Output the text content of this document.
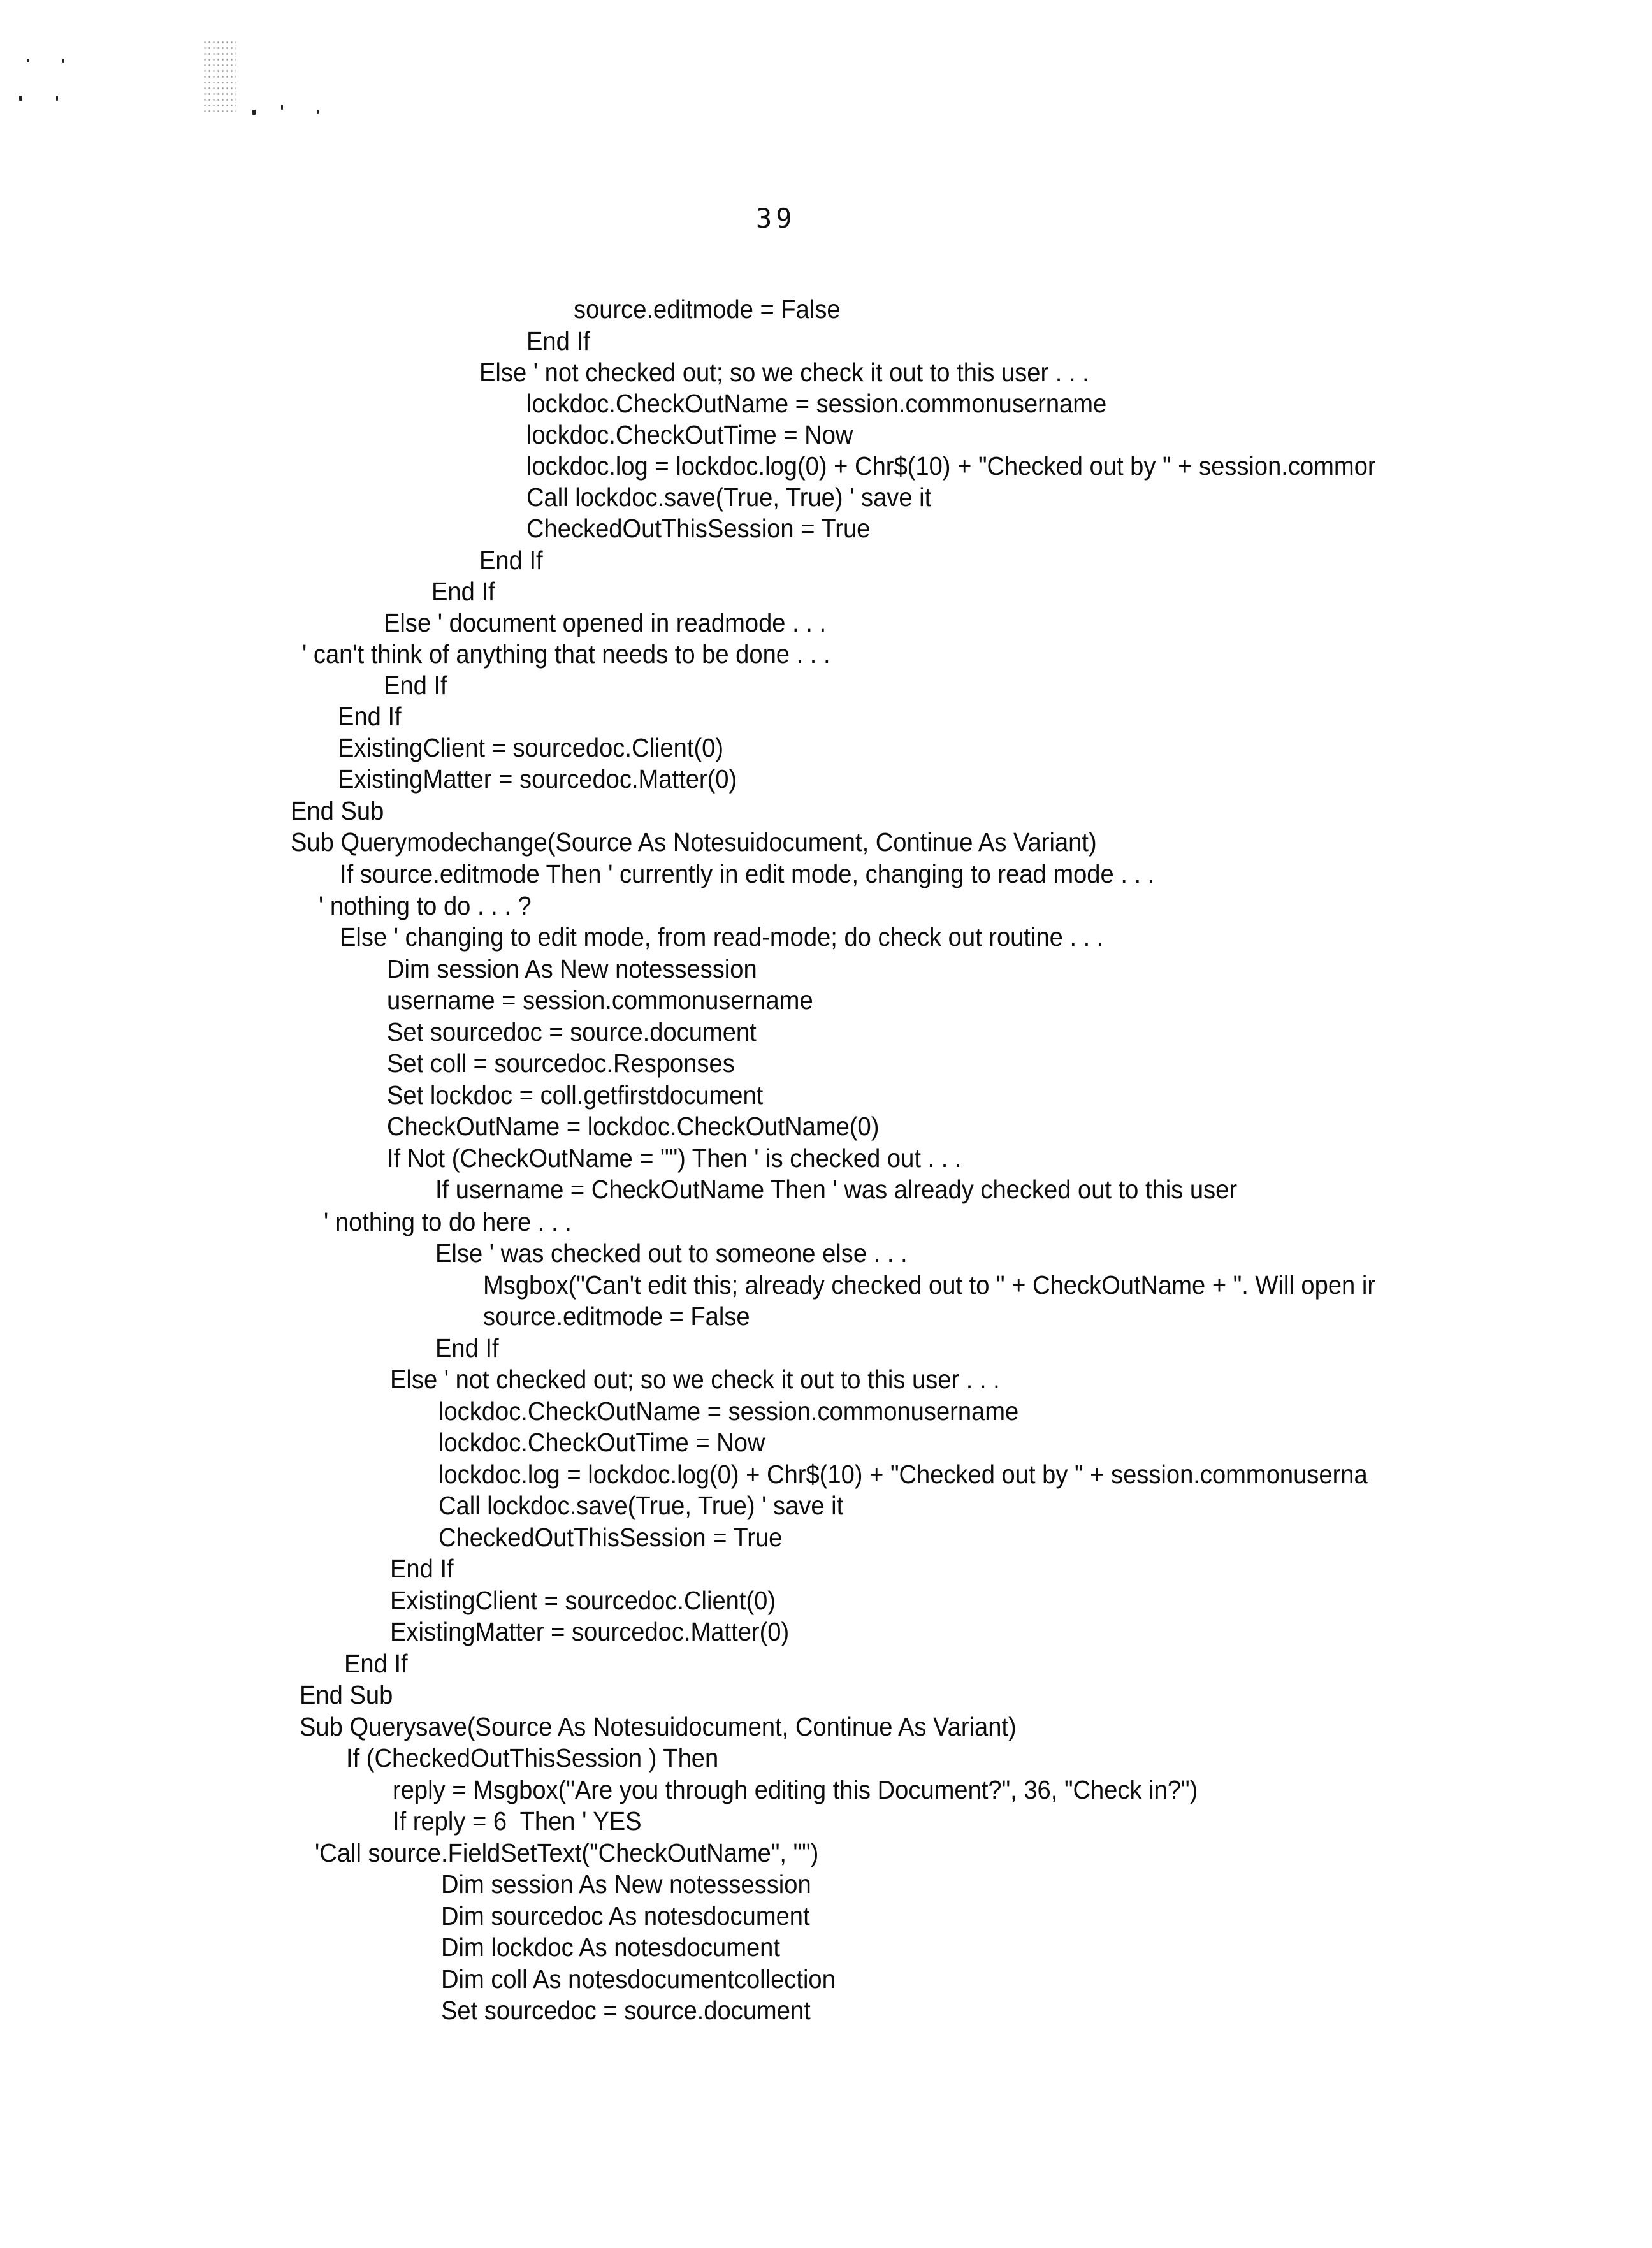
39
source.editmode = False
End If
Else ' not checked out; so we check it out to this user . . .
lockdoc.CheckOutName = session.commonusername
lockdoc.CheckOutTime = Now
lockdoc.log = lockdoc.log(0) + Chr$(10) + "Checked out by " + session.commor
Call lockdoc.save(True, True) ' save it
CheckedOutThisSession = True
End If
End If
Else ' document opened in readmode . . .
' can't think of anything that needs to be done . . .
End If
End If
ExistingClient = sourcedoc.Client(0)
ExistingMatter = sourcedoc.Matter(0)
End Sub
Sub Querymodechange(Source As Notesuidocument, Continue As Variant)
If source.editmode Then ' currently in edit mode, changing to read mode . . .
' nothing to do . . . ?
Else ' changing to edit mode, from read-mode; do check out routine . . .
Dim session As New notessession
username = session.commonusername
Set sourcedoc = source.document
Set coll = sourcedoc.Responses
Set lockdoc = coll.getfirstdocument
CheckOutName = lockdoc.CheckOutName(0)
If Not (CheckOutName = "") Then ' is checked out . . .
If username = CheckOutName Then ' was already checked out to this user
' nothing to do here . . .
Else ' was checked out to someone else . . .
Msgbox("Can't edit this; already checked out to " + CheckOutName + ". Will open ir
source.editmode = False
End If
Else ' not checked out; so we check it out to this user . . .
lockdoc.CheckOutName = session.commonusername
lockdoc.CheckOutTime = Now
lockdoc.log = lockdoc.log(0) + Chr$(10) + "Checked out by " + session.commonuserna
Call lockdoc.save(True, True) ' save it
CheckedOutThisSession = True
End If
ExistingClient = sourcedoc.Client(0)
ExistingMatter = sourcedoc.Matter(0)
End If
End Sub
Sub Querysave(Source As Notesuidocument, Continue As Variant)
If (CheckedOutThisSession ) Then
reply = Msgbox("Are you through editing this Document?", 36, "Check in?")
If reply = 6  Then ' YES
'Call source.FieldSetText("CheckOutName", "")
Dim session As New notessession
Dim sourcedoc As notesdocument
Dim lockdoc As notesdocument
Dim coll As notesdocumentcollection
Set sourcedoc = source.document
